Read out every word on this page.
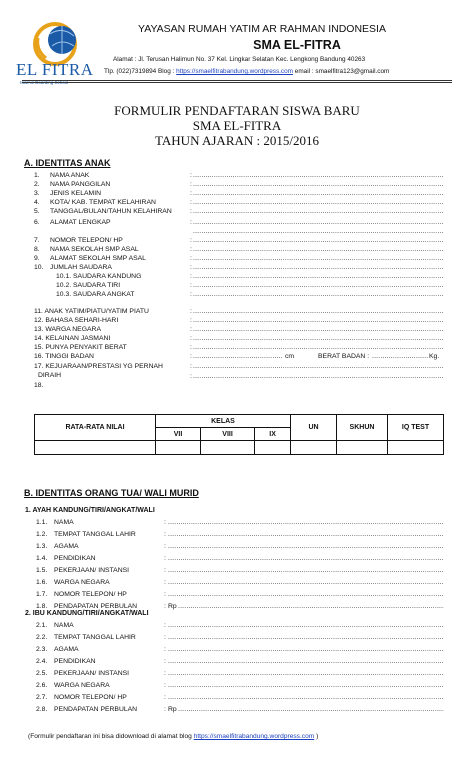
EL FITRA
Islamic Boarding School
YAYASAN RUMAH YATIM AR RAHMAN INDONESIA
SMA EL-FITRA
Alamat : Jl. Terusan Halimun No. 37 Kel. Lingkar Selatan Kec. Lengkong Bandung 40263
Tlp. (022)7319894 Blog : https://smaelfitrabandung.wordpress.com email : smaelfitra123@gmail.com
FORMULIR PENDAFTARAN SISWA BARU
SMA EL-FITRA
TAHUN AJARAN : 2015/2016
A. IDENTITAS ANAK
1. NAMA ANAK	:
.....
2. NAMA PANGGILAN	:
.....
3. JENIS KELAMIN	:
.....
4. KOTA/ KAB. TEMPAT KELAHIRAN	:
.....
5. TANGGAL/BULAN/TAHUN KELAHIRAN	:
.....
6. ALAMAT LENGKAP	:
.....
7. NOMOR TELEPON/ HP	:
.....
8. NAMA SEKOLAH SMP ASAL	:
.....
9. ALAMAT SEKOLAH SMP ASAL	:
.....
10. JUMLAH SAUDARA	:
.....
10.1. SAUDARA KANDUNG	:
.....
10.2. SAUDARA TIRI	:
.....
10.3. SAUDARA ANGKAT	:
.....
11. ANAK YATIM/PIATU/YATIM PIATU	:
.....
12. BAHASA SEHARI-HARI	:
.....
13. WARGA NEGARA	:
.....
14. KELAINAN JASMANI	:
.....
15. PUNYA PENYAKIT BERAT	:
.....
16. TINGGI BADAN	: .....	cm	BERAT BADAN : .....	Kg.
17. KEJUARAAN/PRESTASI YG PERNAH	:
.....
DIRAIH
18.
.....
:
.....
RATA-RATA NILAI	KELAS			UN	SKHUN	IQ TEST
	VII	VIII	IX			

B. IDENTITAS ORANG TUA/ WALI MURID
1. AYAH KANDUNG/TIRI/ANGKAT/WALI
1.1. NAMA	:
.....
1.2. TEMPAT TANGGAL LAHIR	:
.....
1.3. AGAMA	:
.....
1.4. PENDIDIKAN	:
.....
1.5. PEKERJAAN/ INSTANSI	:
.....
1.6. WARGA NEGARA	:
.....
1.7. NOMOR TELEPON/ HP	:
.....
1.8. PENDAPATAN PERBULAN	: Rp
.....
2. IBU KANDUNG/TIRI/ANGKAT/WALI
2.1. NAMA	:
.....
2.2. TEMPAT TANGGAL LAHIR	:
.....
2.3. AGAMA	:
.....
2.4. PENDIDIKAN	:
.....
2.5. PEKERJAAN/ INSTANSI	:
.....
2.6. WARGA NEGARA	:
.....
2.7. NOMOR TELEPON/ HP	:
.....
2.8. PENDAPATAN PERBULAN	: Rp
.....
(Formulir pendaftaran ini bisa didownload di alamat blog https://smaelfitrabandung.wordpress.com )
